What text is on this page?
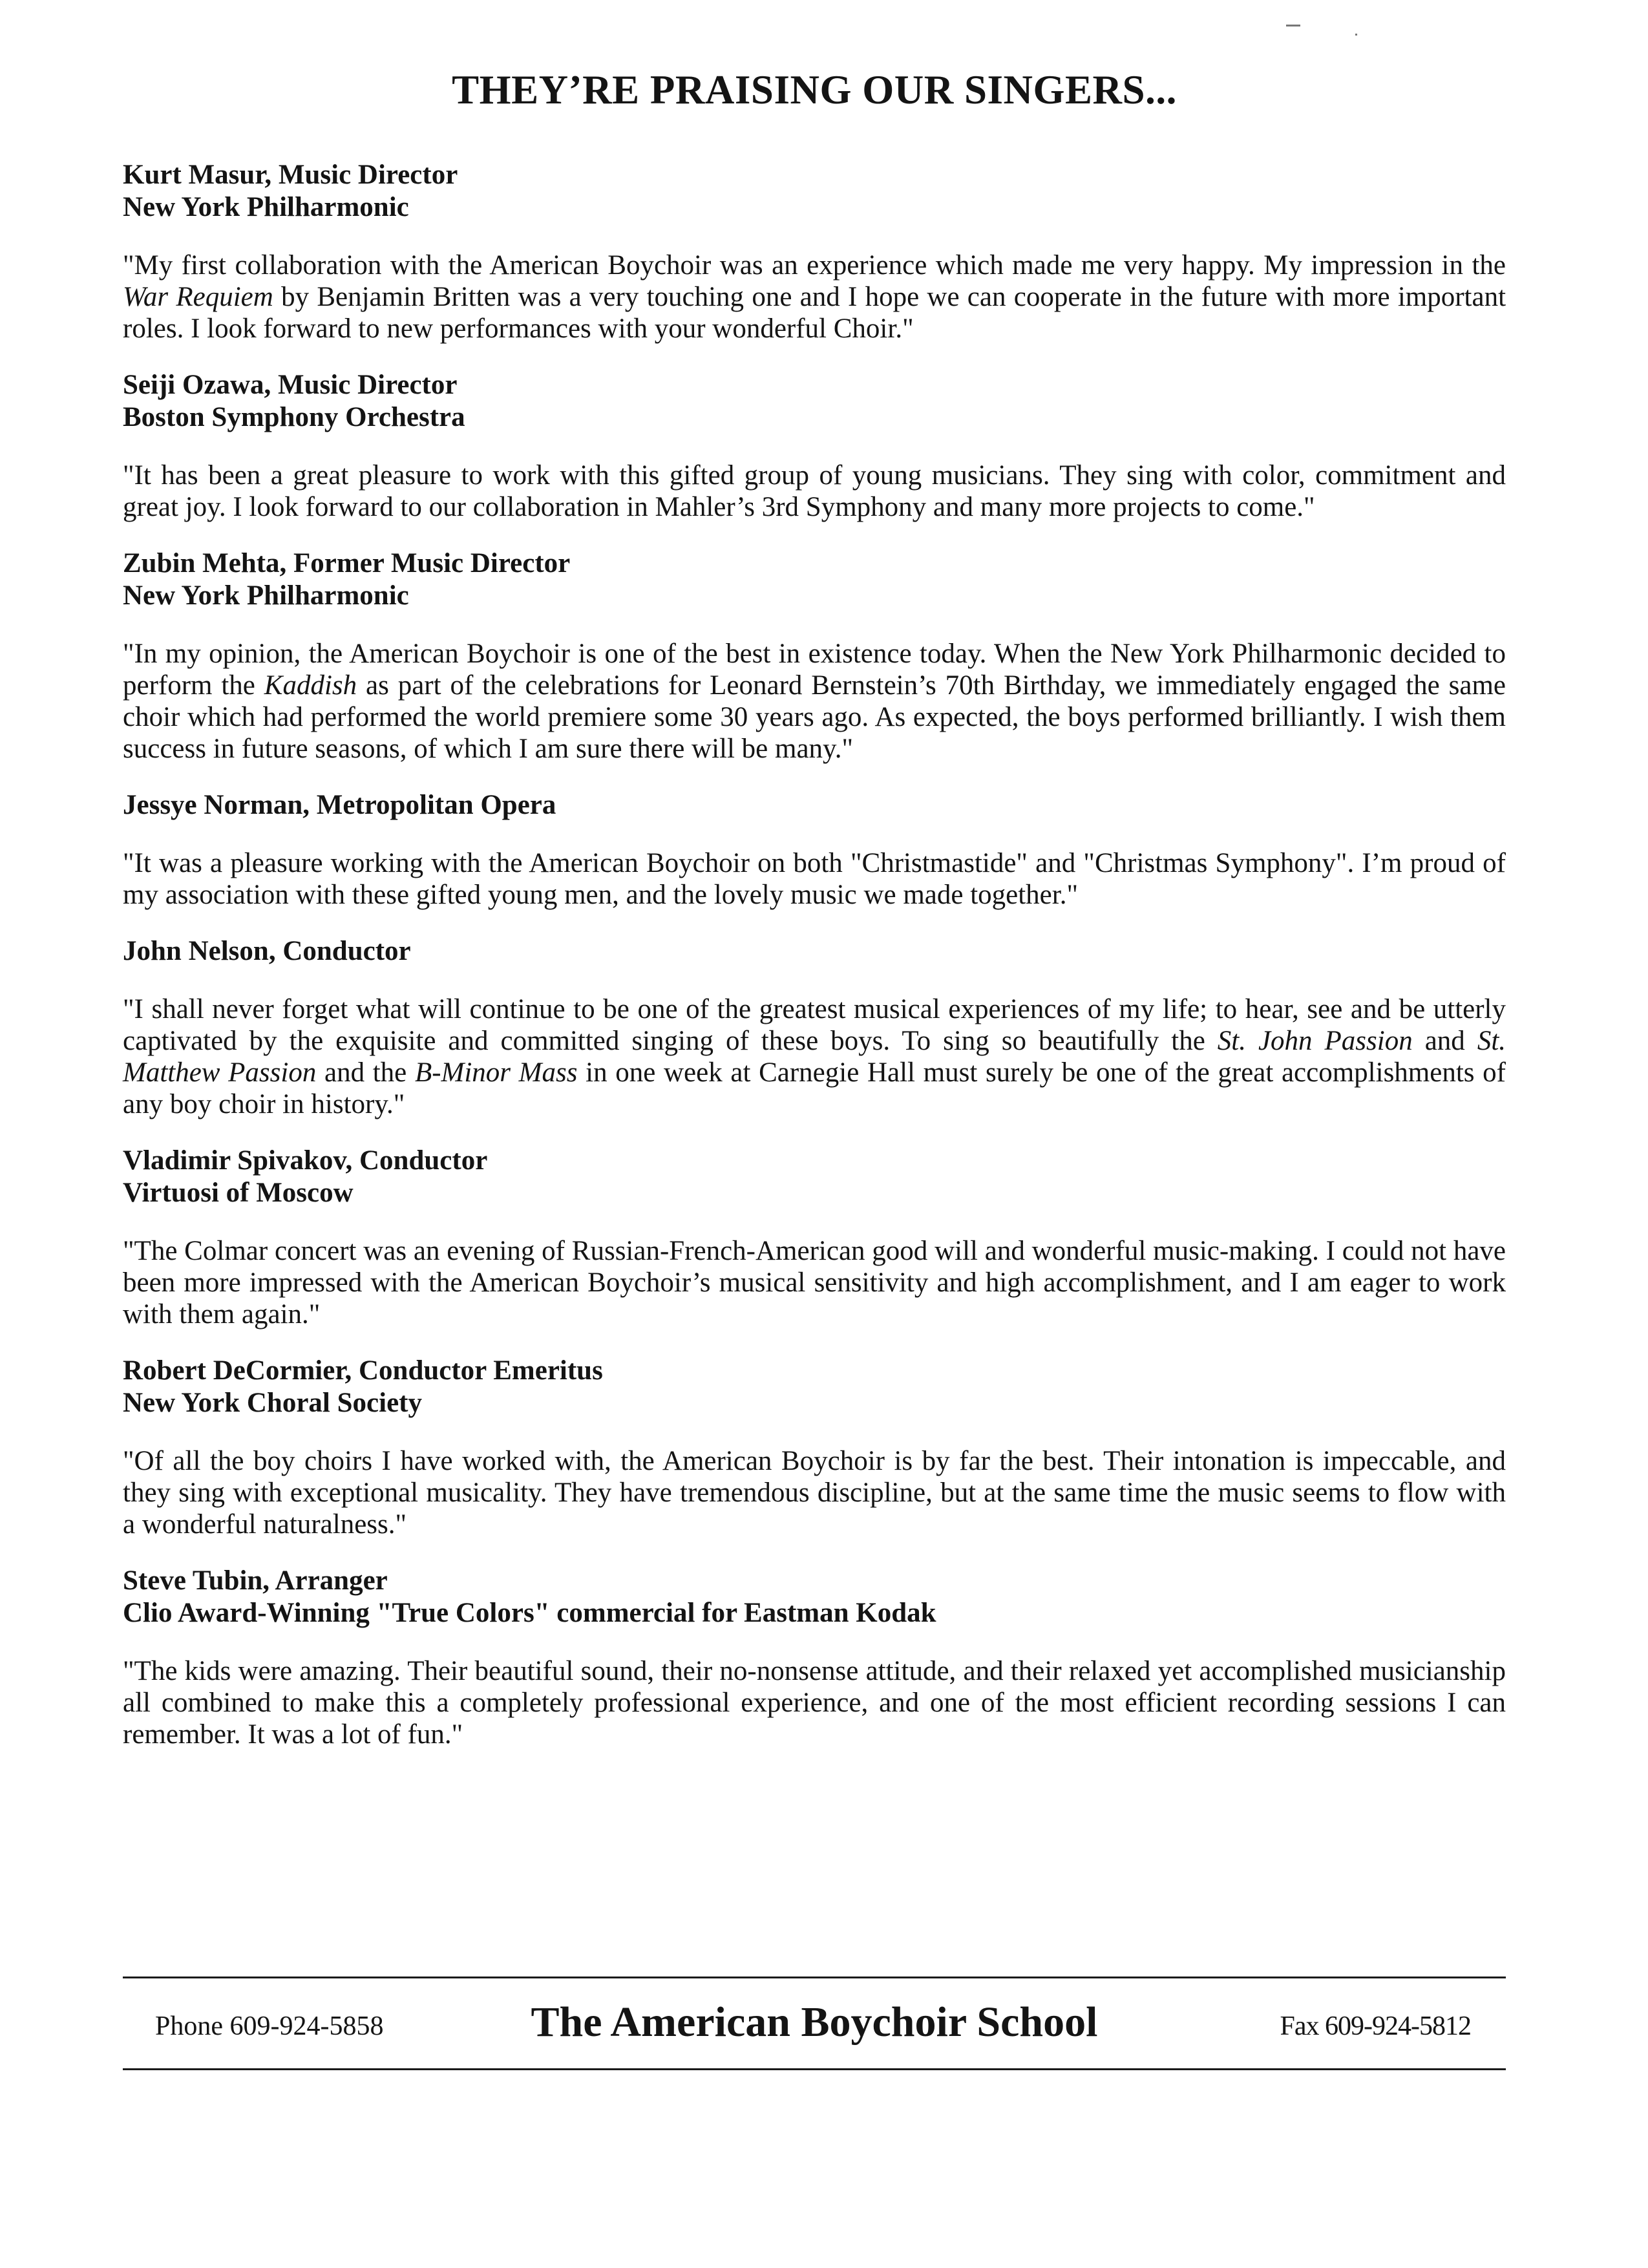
THEY’RE PRAISING OUR SINGERS...

Kurt Masur, Music Director

New York Philharmonic

"My first collaboration with the American Boychoir was an experience which made me very happy. My impression in the War Requiem by Benjamin Britten was a very touching one and I hope we can cooperate in the future with more important roles. I look forward to new performances with your wonderful Choir."

Seiji Ozawa, Music Director

Boston Symphony Orchestra

"It has been a great pleasure to work with this gifted group of young musicians. They sing with color, commitment and great joy. I look forward to our collaboration in Mahler’s 3rd Symphony and many more projects to come."

Zubin Mehta, Former Music Director

New York Philharmonic

"In my opinion, the American Boychoir is one of the best in existence today. When the New York Philharmonic decided to perform the Kaddish as part of the celebrations for Leonard Bernstein’s 70th Birthday, we immediately engaged the same choir which had performed the world premiere some 30 years ago. As expected, the boys performed brilliantly. I wish them success in future seasons, of which I am sure there will be many."

Jessye Norman, Metropolitan Opera

"It was a pleasure working with the American Boychoir on both "Christmastide" and "Christmas Symphony". I’m proud of my association with these gifted young men, and the lovely music we made together."

John Nelson, Conductor

"I shall never forget what will continue to be one of the greatest musical experiences of my life; to hear, see and be utterly captivated by the exquisite and committed singing of these boys. To sing so beautifully the St. John Passion and St. Matthew Passion and the B-Minor Mass in one week at Carnegie Hall must surely be one of the great accomplishments of any boy choir in history."

Vladimir Spivakov, Conductor

Virtuosi of Moscow

"The Colmar concert was an evening of Russian-French-American good will and wonderful music-making. I could not have been more impressed with the American Boychoir’s musical sensitivity and high accomplishment, and I am eager to work with them again."

Robert DeCormier, Conductor Emeritus

New York Choral Society

"Of all the boy choirs I have worked with, the American Boychoir is by far the best. Their intonation is impeccable, and they sing with exceptional musicality. They have tremendous discipline, but at the same time the music seems to flow with a wonderful naturalness."

Steve Tubin, Arranger

Clio Award-Winning "True Colors" commercial for Eastman Kodak

"The kids were amazing. Their beautiful sound, their no-nonsense attitude, and their relaxed yet accomplished musicianship all combined to make this a completely professional experience, and one of the most efficient recording sessions I can remember. It was a lot of fun."

Phone 609-924-5858	The American Boychoir School	Fax 609-924-5812
